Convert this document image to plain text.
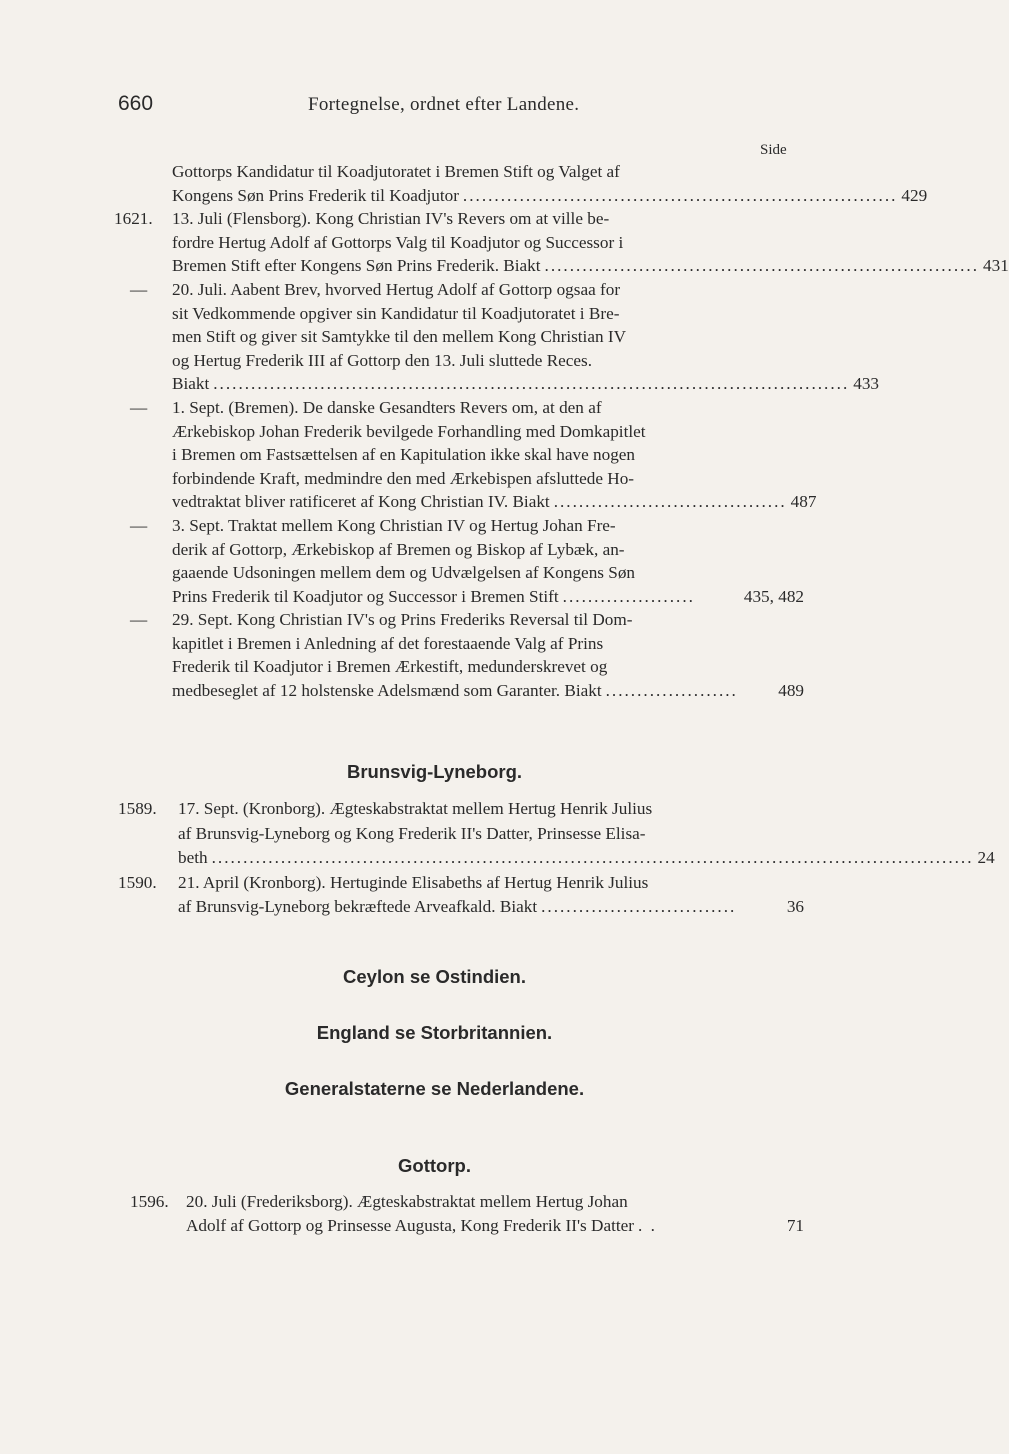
660	Fortegnelse, ordnet efter Landene.
Side
Gottorps Kandidatur til Koadjutoratet i Bremen Stift og Valget af
Kongens Søn Prins Frederik til Koadjutor ..................................................................... 429
1621.	13. Juli (Flensborg). Kong Christian IV's Revers om at ville be-
fordre Hertug Adolf af Gottorps Valg til Koadjutor og Successor i
Bremen Stift efter Kongens Søn Prins Frederik. Biakt ..................................................................... 431
— 20. Juli. Aabent Brev, hvorved Hertug Adolf af Gottorp ogsaa for
sit Vedkommende opgiver sin Kandidatur til Koadjutoratet i Bre-
men Stift og giver sit Samtykke til den mellem Kong Christian IV
og Hertug Frederik III af Gottorp den 13. Juli sluttede Reces.
Biakt ..................................................................................................... 433
— 1. Sept. (Bremen). De danske Gesandters Revers om, at den af
Ærkebiskop Johan Frederik bevilgede Forhandling med Domkapitlet
i Bremen om Fastsættelsen af en Kapitulation ikke skal have nogen
forbindende Kraft, medmindre den med Ærkebispen afsluttede Ho-
vedtraktat bliver ratificeret af Kong Christian IV. Biakt ..................................... 487
— 3. Sept. Traktat mellem Kong Christian IV og Hertug Johan Fre-
derik af Gottorp, Ærkebiskop af Bremen og Biskop af Lybæk, an-
gaaende Udsoningen mellem dem og Udvælgelsen af Kongens Søn
Prins Frederik til Koadjutor og Successor i Bremen Stift .....................	435, 482
— 29. Sept. Kong Christian IV's og Prins Frederiks Reversal til Dom-
kapitlet i Bremen i Anledning af det forestaaende Valg af Prins
Frederik til Koadjutor i Bremen Ærkestift, medunderskrevet og
medbeseglet af 12 holstenske Adelsmænd som Garanter. Biakt .....................	489
Brunsvig-Lyneborg.
1589.	17. Sept. (Kronborg). Ægteskabstraktat mellem Hertug Henrik Julius
af Brunsvig-Lyneborg og Kong Frederik II's Datter, Prinsesse Elisa-
beth ......................................................................................................................... 24
1590.	21. April (Kronborg). Hertuginde Elisabeths af Hertug Henrik Julius
af Brunsvig-Lyneborg bekræftede Arveafkald. Biakt ...............................	36
Ceylon se Ostindien.
England se Storbritannien.
Generalstaterne se Nederlandene.
Gottorp.
1596.	20. Juli (Frederiksborg). Ægteskabstraktat mellem Hertug Johan
Adolf af Gottorp og Prinsesse Augusta, Kong Frederik II's Datter . .	71
